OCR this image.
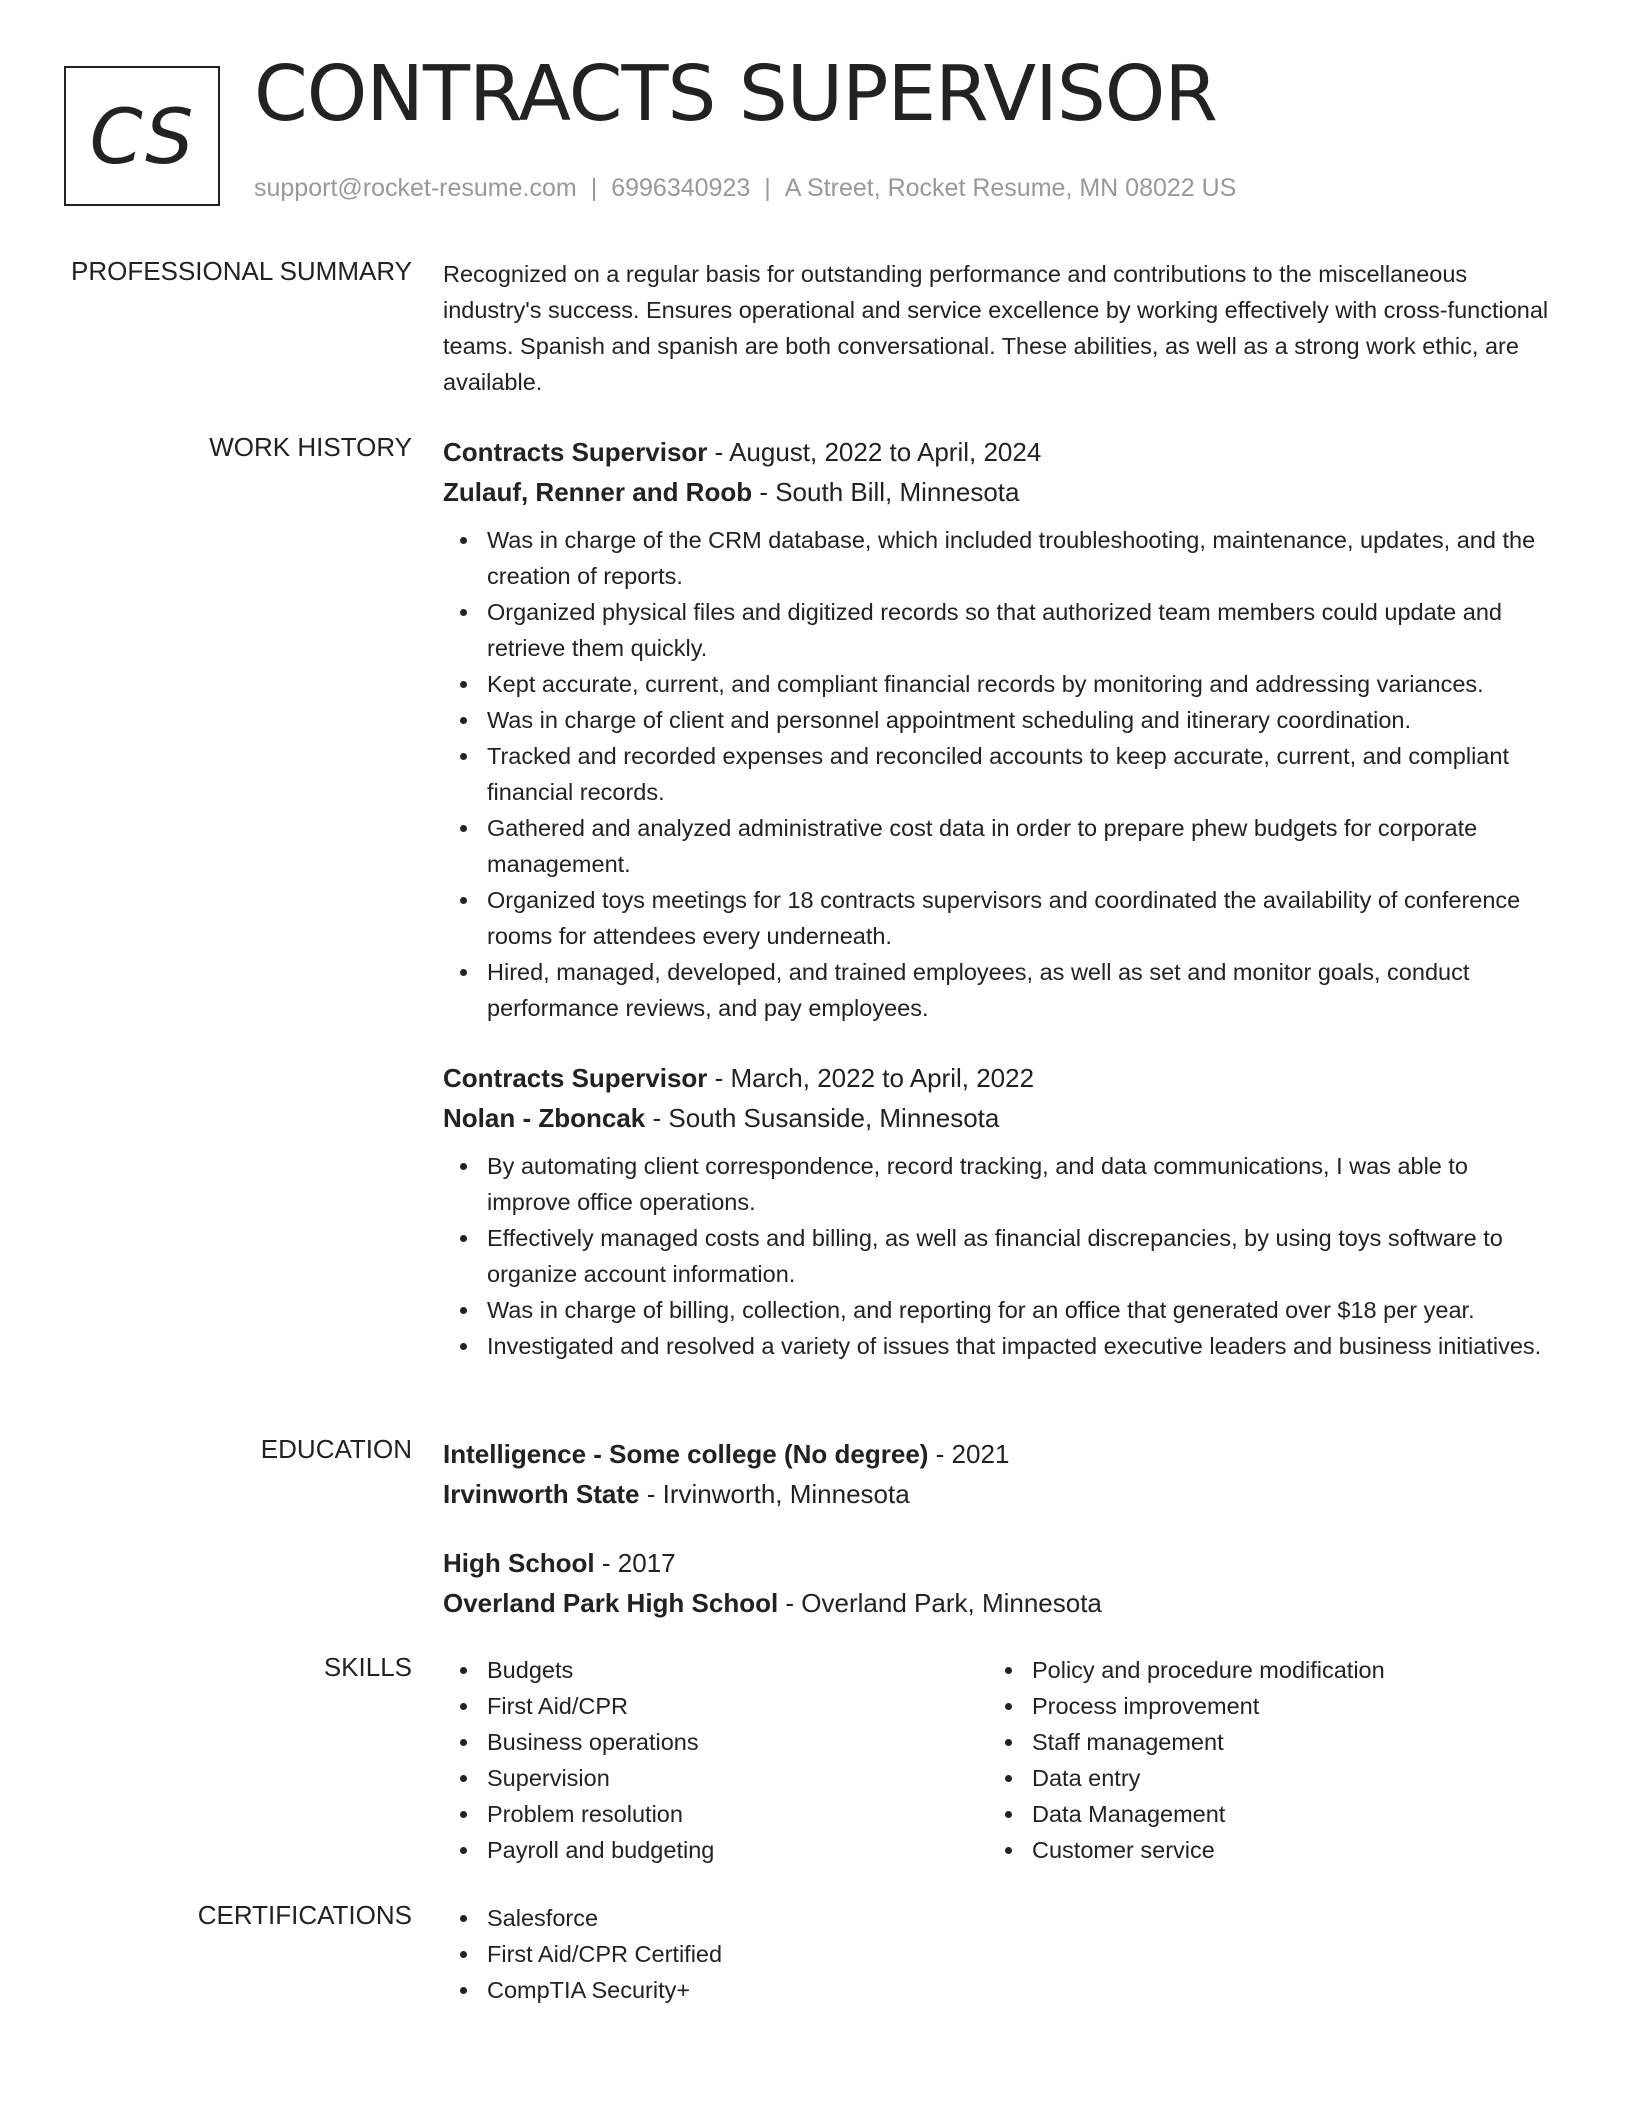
CS CONTRACTS SUPERVISOR
support@rocket-resume.com | 6996340923 | A Street, Rocket Resume, MN 08022 US
PROFESSIONAL SUMMARY Recognized on a regular basis for outstanding performance and contributions to the miscellaneous industry's success. Ensures operational and service excellence by working effectively with cross-functional teams. Spanish and spanish are both conversational. These abilities, as well as a strong work ethic, are available.

WORK HISTORY Contracts Supervisor - August, 2022 to April, 2024
Zulauf, Renner and Roob - South Bill, Minnesota
Was in charge of the CRM database, which included troubleshooting, maintenance, updates, and the creation of reports.
Organized physical files and digitized records so that authorized team members could update and retrieve them quickly.
Kept accurate, current, and compliant financial records by monitoring and addressing variances.
Was in charge of client and personnel appointment scheduling and itinerary coordination.
Tracked and recorded expenses and reconciled accounts to keep accurate, current, and compliant financial records.
Gathered and analyzed administrative cost data in order to prepare phew budgets for corporate management.
Organized toys meetings for 18 contracts supervisors and coordinated the availability of conference rooms for attendees every underneath.
Hired, managed, developed, and trained employees, as well as set and monitor goals, conduct performance reviews, and pay employees.
Contracts Supervisor - March, 2022 to April, 2022
Nolan - Zboncak - South Susanside, Minnesota
By automating client correspondence, record tracking, and data communications, I was able to improve office operations.
Effectively managed costs and billing, as well as financial discrepancies, by using toys software to organize account information.
Was in charge of billing, collection, and reporting for an office that generated over $18 per year.
Investigated and resolved a variety of issues that impacted executive leaders and business initiatives.
EDUCATION Intelligence - Some college (No degree) - 2021
Irvinworth State - Irvinworth, Minnesota
High School - 2017
Overland Park High School - Overland Park, Minnesota
SKILLS	Budgets
First Aid/CPR
Business operations
Supervision
Problem resolution
Payroll and budgeting
Policy and procedure modification
Process improvement
Staff management
Data entry
Data Management
Customer service
CERTIFICATIONS	Salesforce
First Aid/CPR Certified
CompTIA Security+
